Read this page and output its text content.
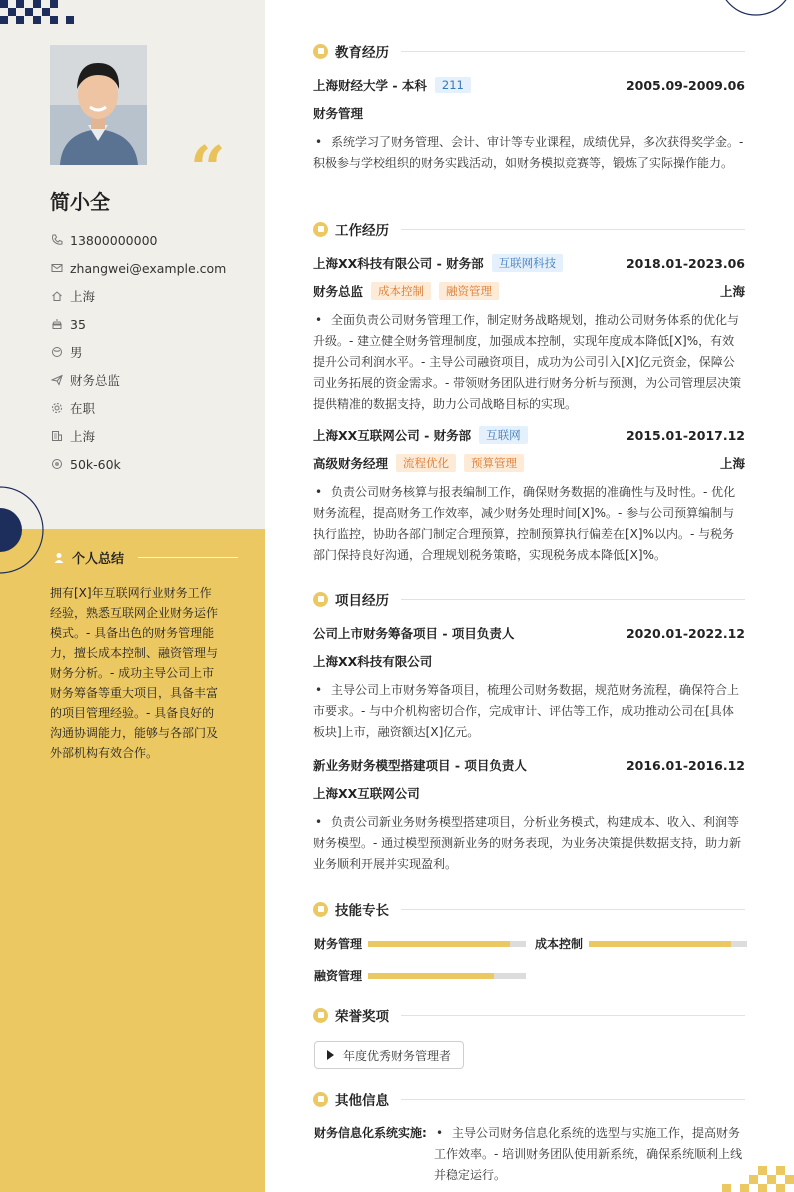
“
简小全
13800000000
zhangwei@example.com
上海
35
男
财务总监
在职
上海
50k-60k
个人总结
拥有[X]年互联网行业财务工作经验，熟悉互联网企业财务运作模式。- 具备出色的财务管理能力，擅长成本控制、融资管理与财务分析。- 成功主导公司上市财务筹备等重大项目，具备丰富的项目管理经验。- 具备良好的沟通协调能力，能够与各部门及外部机构有效合作。
教育经历
上海财经大学 - 本科	211	2005.09-2009.06
财务管理
• 系统学习了财务管理、会计、审计等专业课程，成绩优异，多次获得奖学金。- 积极参与学校组织的财务实践活动，如财务模拟竞赛等，锻炼了实际操作能力。
工作经历
上海XX科技有限公司 - 财务部	互联网科技	2018.01-2023.06
财务总监	成本控制	融资管理	上海
• 全面负责公司财务管理工作，制定财务战略规划，推动公司财务体系的优化与升级。- 建立健全财务管理制度，加强成本控制，实现年度成本降低[X]%，有效提升公司利润水平。- 主导公司融资项目，成功为公司引入[X]亿元资金，保障公司业务拓展的资金需求。- 带领财务团队进行财务分析与预测，为公司管理层决策提供精准的数据支持，助力公司战略目标的实现。
上海XX互联网公司 - 财务部	互联网	2015.01-2017.12
高级财务经理	流程优化	预算管理	上海
• 负责公司财务核算与报表编制工作，确保财务数据的准确性与及时性。- 优化财务流程，提高财务工作效率，减少财务处理时间[X]%。- 参与公司预算编制与执行监控，协助各部门制定合理预算，控制预算执行偏差在[X]%以内。- 与税务部门保持良好沟通，合理规划税务策略，实现税务成本降低[X]%。
项目经历
公司上市财务筹备项目 - 项目负责人	2020.01-2022.12
上海XX科技有限公司
• 主导公司上市财务筹备项目，梳理公司财务数据，规范财务流程，确保符合上市要求。- 与中介机构密切合作，完成审计、评估等工作，成功推动公司在[具体板块]上市，融资额达[X]亿元。
新业务财务模型搭建项目 - 项目负责人	2016.01-2016.12
上海XX互联网公司
• 负责公司新业务财务模型搭建项目，分析业务模式，构建成本、收入、利润等财务模型。- 通过模型预测新业务的财务表现，为业务决策提供数据支持，助力新业务顺利开展并实现盈利。
技能专长
财务管理	成本控制
融资管理
荣誉奖项
年度优秀财务管理者
其他信息
财务信息化系统实施: • 主导公司财务信息化系统的选型与实施工作，提高财务工作效率。- 培训财务团队使用新系统，确保系统顺利上线并稳定运行。
